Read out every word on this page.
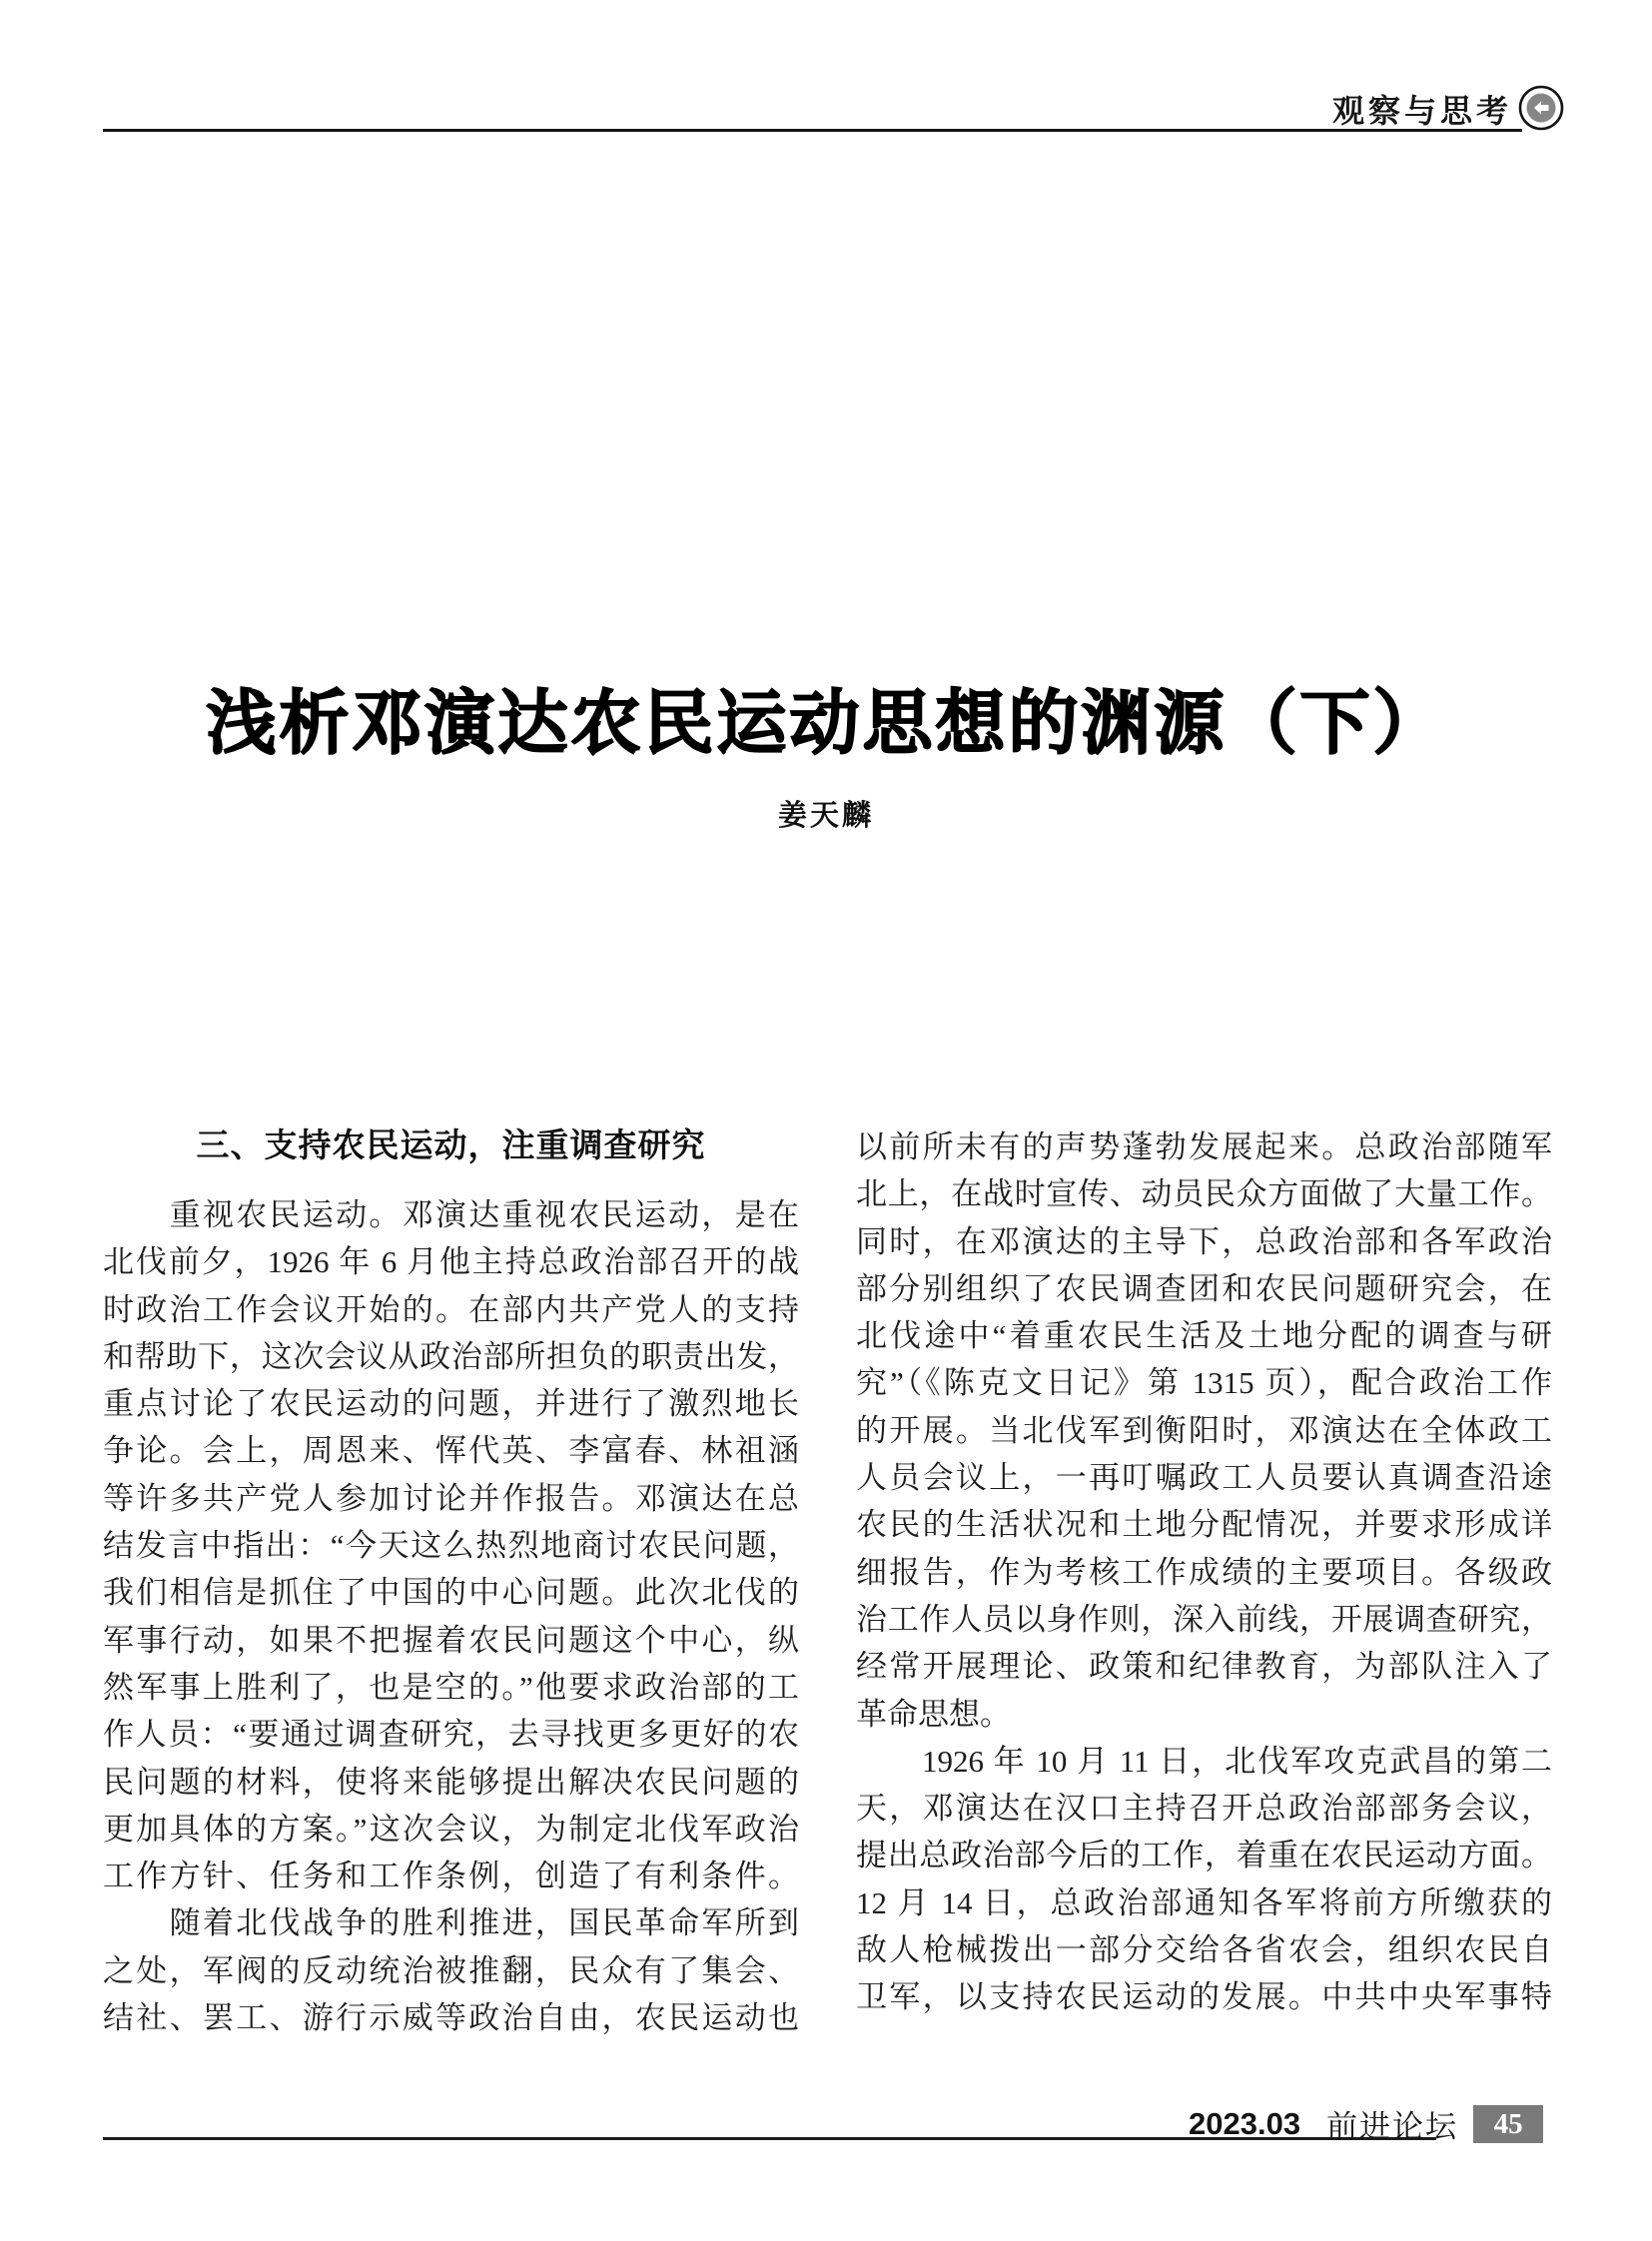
观察与思考
浅析邓演达农民运动思想的渊源（下）
姜天麟
三、支持农民运动，注重调查研究
　　重视农民运动。邓演达重视农民运动，是在
北伐前夕，1926 年 6 月他主持总政治部召开的战
时政治工作会议开始的。在部内共产党人的支持
和帮助下，这次会议从政治部所担负的职责出发，
重点讨论了农民运动的问题，并进行了激烈地长
争论。会上，周恩来、恽代英、李富春、林祖涵
等许多共产党人参加讨论并作报告。邓演达在总
结发言中指出：“今天这么热烈地商讨农民问题，
我们相信是抓住了中国的中心问题。此次北伐的
军事行动，如果不把握着农民问题这个中心，纵
然军事上胜利了，也是空的。”他要求政治部的工
作人员：“要通过调查研究，去寻找更多更好的农
民问题的材料，使将来能够提出解决农民问题的
更加具体的方案。”这次会议，为制定北伐军政治
工作方针、任务和工作条例，创造了有利条件。
　　随着北伐战争的胜利推进，国民革命军所到
之处，军阀的反动统治被推翻，民众有了集会、
结社、罢工、游行示威等政治自由，农民运动也
以前所未有的声势蓬勃发展起来。总政治部随军
北上，在战时宣传、动员民众方面做了大量工作。
同时，在邓演达的主导下，总政治部和各军政治
部分别组织了农民调查团和农民问题研究会，在
北伐途中“着重农民生活及土地分配的调查与研
究”（《陈克文日记》第 1315 页），配合政治工作
的开展。当北伐军到衡阳时，邓演达在全体政工
人员会议上，一再叮嘱政工人员要认真调查沿途
农民的生活状况和土地分配情况，并要求形成详
细报告，作为考核工作成绩的主要项目。各级政
治工作人员以身作则，深入前线，开展调查研究，
经常开展理论、政策和纪律教育，为部队注入了
革命思想。
　　1926 年 10 月 11 日，北伐军攻克武昌的第二
天，邓演达在汉口主持召开总政治部部务会议，
提出总政治部今后的工作，着重在农民运动方面。
12 月 14 日，总政治部通知各军将前方所缴获的
敌人枪械拨出一部分交给各省农会，组织农民自
卫军，以支持农民运动的发展。中共中央军事特
2023.03 前进论坛	45
